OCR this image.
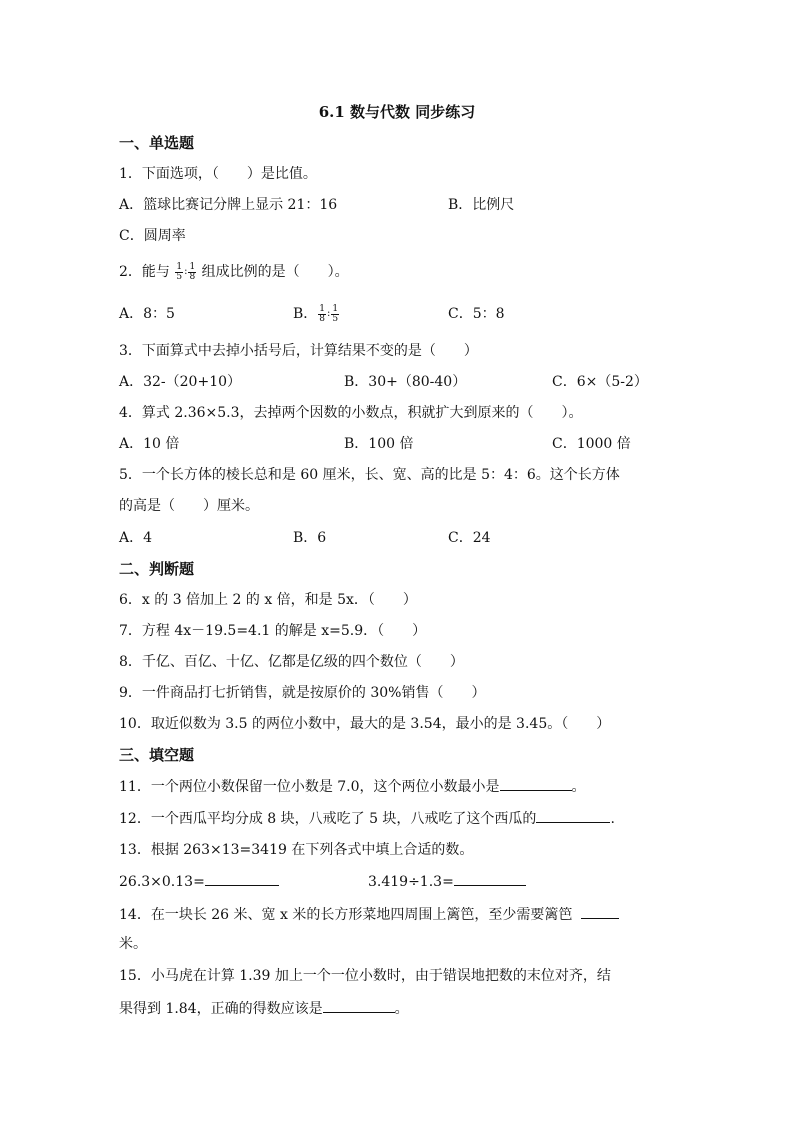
6.1 数与代数 同步练习
一、单选题
1．下面选项，（　　）是比值。
A．篮球比赛记分牌上显示 21：16	B．比例尺
C．圆周率
2．能与 $\frac{1}{5}$ : $\frac{1}{8}$ 组成比例的是（　　）。
A．8：5	B． $\frac{1}{8}$ : $\frac{1}{5}$	C．5：8
3．下面算式中去掉小括号后，计算结果不变的是（　　）
A．32-（20+10）	B．30+（80-40）	C．6×（5-2）
4．算式 2.36×5.3，去掉两个因数的小数点，积就扩大到原来的（　　）。
A．10 倍	B．100 倍	C．1000 倍
5．一个长方体的棱长总和是 60 厘米，长、宽、高的比是 5：4：6。这个长方体
的高是（　　）厘米。
A．4	B．6	C．24
二、判断题
6．x 的 3 倍加上 2 的 x 倍，和是 5x．（　　）
7．方程 4x－19.5=4.1 的解是 x=5.9．（　　）
8．千亿、百亿、十亿、亿都是亿级的四个数位（　　）
9．一件商品打七折销售，就是按原价的 30%销售（　　）
10．取近似数为 3.5 的两位小数中，最大的是 3.54，最小的是 3.45。（　　）
三、填空题
11．一个两位小数保留一位小数是 7.0，这个两位小数最小是	。
12．一个西瓜平均分成 8 块，八戒吃了 5 块，八戒吃了这个西瓜的	.
13．根据 263×13=3419 在下列各式中填上合适的数。
26.3×0.13=	3.419÷1.3=
14．在一块长 26 米、宽 x 米的长方形菜地四周围上篱笆，至少需要篱笆
米。
15．小马虎在计算 1.39 加上一个一位小数时，由于错误地把数的末位对齐，结
果得到 1.84，正确的得数应该是	。
